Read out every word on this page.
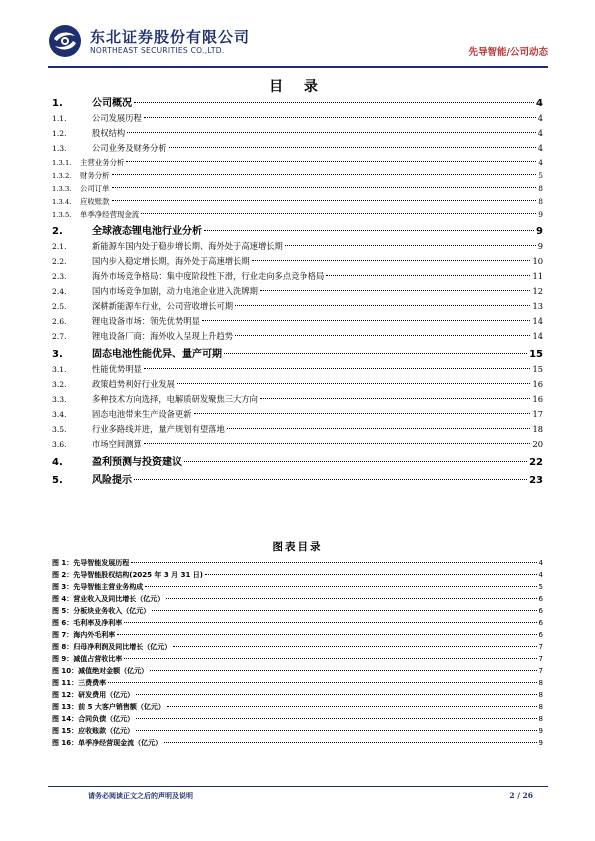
东北证券股份有限公司
NORTHEAST SECURITIES CO.,LTD.	先导智能/公司动态
目 录
1.	公司概况	4
1.1.	公司发展历程	4
1.2.	股权结构	4
1.3.	公司业务及财务分析	4
1.3.1.	主营业务分析	4
1.3.2.	财务分析	5
1.3.3.	公司订单	8
1.3.4.	应收账款	8
1.3.5.	单季净经营现金流	9
2.	全球液态锂电池行业分析	9
2.1.	新能源车国内处于稳步增长期、海外处于高速增长期	9
2.2.	国内步入稳定增长期，海外处于高速增长期	10
2.3.	海外市场竞争格局：集中度阶段性下滑，行业走向多点竞争格局	11
2.4.	国内市场竞争加剧，动力电池企业进入洗牌期	12
2.5.	深耕新能源车行业，公司营收增长可期	13
2.6.	锂电设备市场：领先优势明显	14
2.7.	锂电设备厂商：海外收入呈现上升趋势	14
3.	固态电池性能优异、量产可期	15
3.1.	性能优势明显	15
3.2.	政策趋势利好行业发展	16
3.3.	多种技术方向选择，电解质研发聚焦三大方向	16
3.4.	固态电池带来生产设备更新	17
3.5.	行业多路线并进，量产规划有望落地	18
3.6.	市场空间测算	20
4.	盈利预测与投资建议	22
5.	风险提示	23
图表目录
图 1：先导智能发展历程	4
图 2：先导智能股权结构(2025 年 3 月 31 日)	4
图 3：先导智能主营业务构成	5
图 4：营业收入及同比增长（亿元）	6
图 5：分板块业务收入（亿元）	6
图 6：毛利率及净利率	6
图 7：海内外毛利率	6
图 8：归母净利润及同比增长（亿元）	7
图 9：减值占营收比率	7
图 10：减值绝对金额（亿元）	7
图 11：三费费率	8
图 12：研发费用（亿元）	8
图 13：前 5 大客户销售额（亿元）	8
图 14：合同负债（亿元）	8
图 15：应收账款（亿元）	9
图 16：单季净经营现金流（亿元）	9
请务必阅读正文之后的声明及说明	2 / 26
